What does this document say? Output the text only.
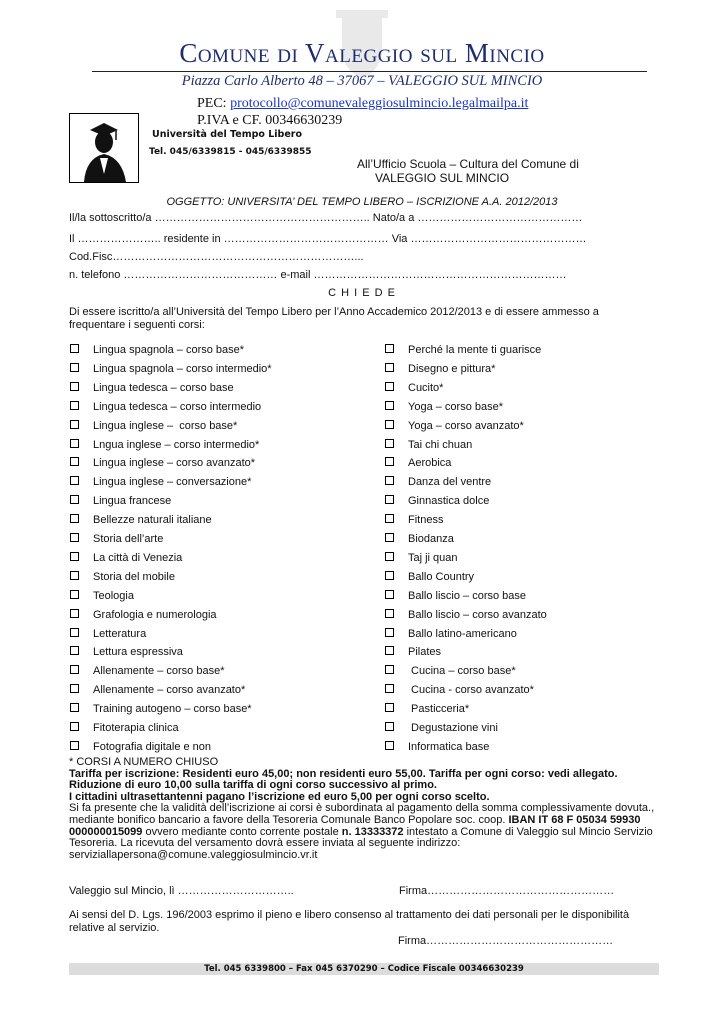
Comune di Valeggio sul Mincio
Piazza Carlo Alberto 48 – 37067 – VALEGGIO SUL MINCIO
PEC: protocollo@comunevaleggiosulmincio.legalmailpa.it
P.IVA e CF. 00346630239
Università del Tempo Libero
Tel. 045/6339815 - 045/6339855
All’Ufficio Scuola – Cultura del Comune di
VALEGGIO SUL MINCIO
OGGETTO: UNIVERSITA’ DEL TEMPO LIBERO – ISCRIZIONE A.A. 2012/2013
Il/la sottoscritto/a ………………………………………………….. Nato/a a ………………………………………
Il ………………….. residente in ……………………………………… Via …………………………………………
Cod.Fisc…………………………………………………………...
n. telefono …………………………………… e-mail ……………………………………………………………
C H I E D E
Di essere iscritto/a all’Università del Tempo Libero per l’Anno Accademico 2012/2013 e di essere ammesso a frequentare i seguenti corsi:
Lingua spagnola – corso base*
Lingua spagnola – corso intermedio*
Lingua tedesca – corso base
Lingua tedesca – corso intermedio
Lingua inglese –  corso base*
Lngua inglese – corso intermedio*
Lingua inglese – corso avanzato*
Lingua inglese – conversazione*
Lingua francese
Bellezze naturali italiane
Storia dell’arte
La città di Venezia
Storia del mobile
Teologia
Grafologia e numerologia
Letteratura
Lettura espressiva
Allenamente – corso base*
Allenamente – corso avanzato*
Training autogeno – corso base*
Fitoterapia clinica
Fotografia digitale e non
Perché la mente ti guarisce
Disegno e pittura*
Cucito*
Yoga – corso base*
Yoga – corso avanzato*
Tai chi chuan
Aerobica
Danza del ventre
Ginnastica dolce
Fitness
Biodanza
Taj ji quan
Ballo Country
Ballo liscio – corso base
Ballo liscio – corso avanzato
Ballo latino-americano
Pilates
Cucina – corso base*
Cucina - corso avanzato*
Pasticceria*
Degustazione vini
Informatica base
* CORSI A NUMERO CHIUSO
Tariffa per iscrizione: Residenti euro 45,00; non residenti euro 55,00. Tariffa per ogni corso: vedi allegato.
Riduzione di euro 10,00 sulla tariffa di ogni corso successivo al primo.
I cittadini ultrasettantenni pagano l’iscrizione ed euro 5,00 per ogni corso scelto.
Si fa presente che la validità dell’iscrizione ai corsi è subordinata al pagamento della somma complessivamente dovuta., mediante bonifico bancario a favore della Tesoreria Comunale Banco Popolare soc. coop. IBAN IT 68 F 05034 59930 000000015099 ovvero mediante conto corrente postale n. 13333372 intestato a Comune di Valeggio sul Mincio Servizio Tesoreria. La ricevuta del versamento dovrà essere inviata al seguente indirizzo:
serviziallapersona@comune.valeggiosulmincio.vr.it
Valeggio sul Mincio, lì …………………………..	Firma……………………………………………
Ai sensi del D. Lgs. 196/2003 esprimo il pieno e libero consenso al trattamento dei dati personali per le disponibilità relative al servizio.
Firma……………………………………………
Tel. 045 6339800 – Fax 045 6370290 – Codice Fiscale 00346630239
